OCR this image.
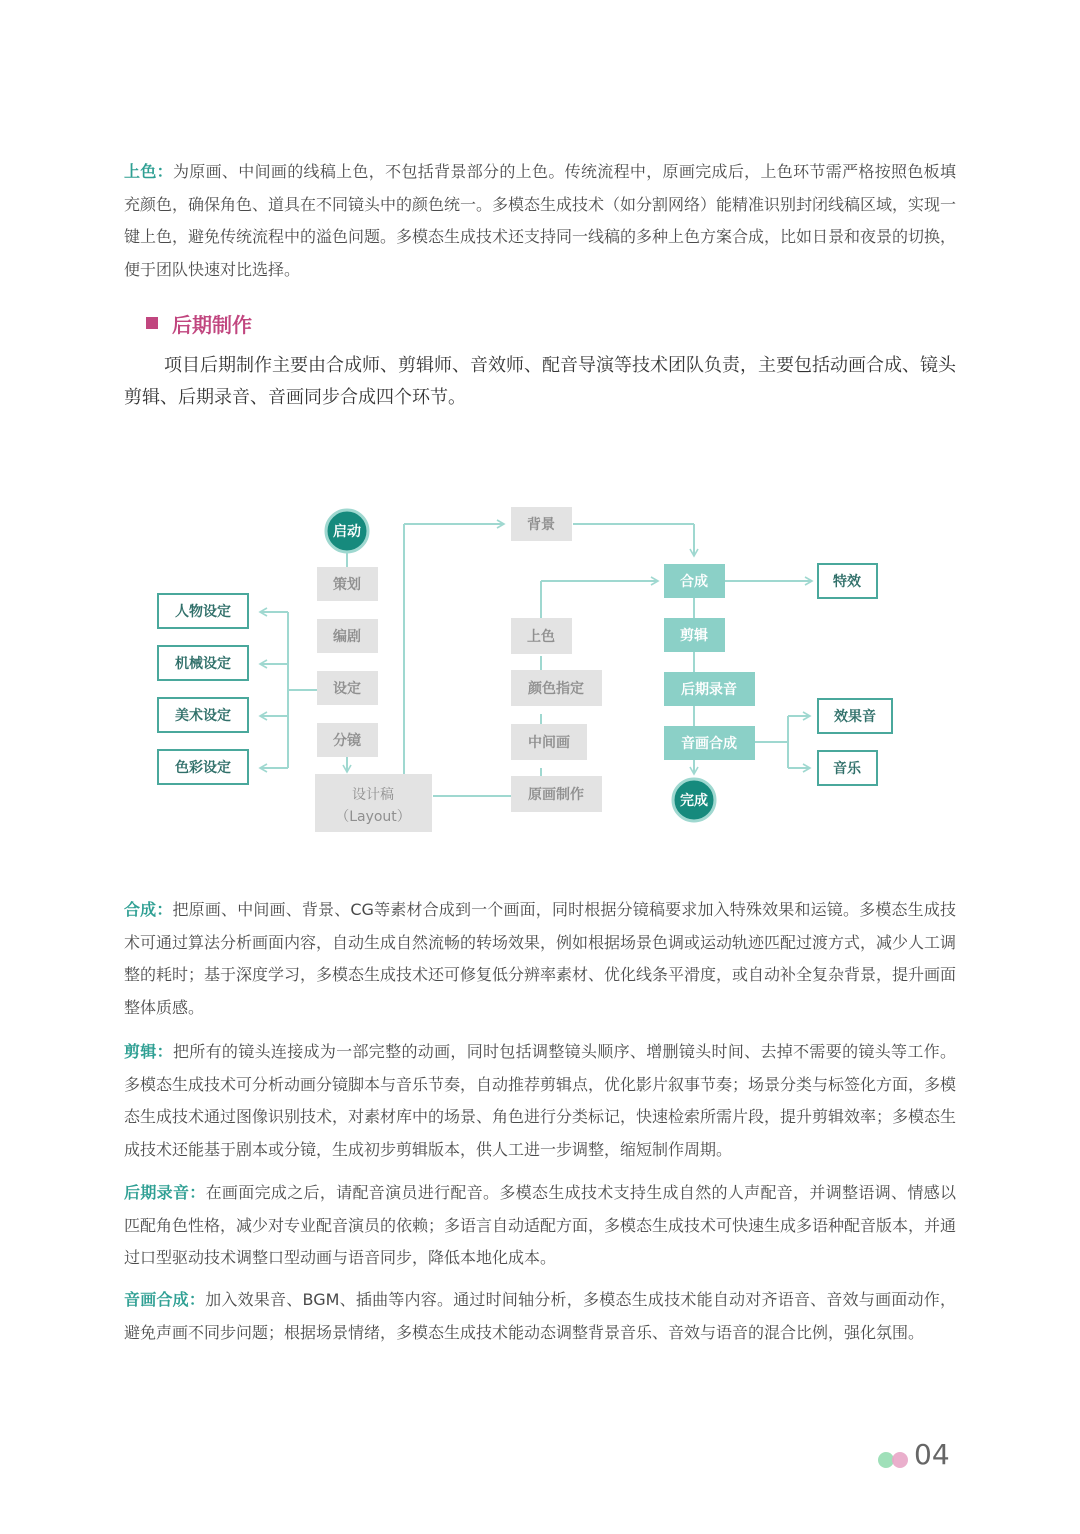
上色：为原画、中间画的线稿上色，不包括背景部分的上色。传统流程中，原画完成后，上色环节需严格按照色板填充颜色，确保角色、道具在不同镜头中的颜色统一。多模态生成技术（如分割网络）能精准识别封闭线稿区域，实现一键上色，避免传统流程中的溢色问题。多模态生成技术还支持同一线稿的多种上色方案合成，比如日景和夜景的切换，便于团队快速对比选择。

后期制作

项目后期制作主要由合成师、剪辑师、音效师、配音导演等技术团队负责，主要包括动画合成、镜头剪辑、后期录音、音画同步合成四个环节。

启动
完成
策划
编剧
设定
分镜
设计稿
（Layout）
人物设定
机械设定
美术设定
色彩设定
背景
上色
颜色指定
中间画
原画制作
合成
剪辑
后期录音
音画合成
特效
效果音
音乐

合成：把原画、中间画、背景、CG等素材合成到一个画面，同时根据分镜稿要求加入特殊效果和运镜。多模态生成技术可通过算法分析画面内容，自动生成自然流畅的转场效果，例如根据场景色调或运动轨迹匹配过渡方式，减少人工调整的耗时；基于深度学习，多模态生成技术还可修复低分辨率素材、优化线条平滑度，或自动补全复杂背景，提升画面整体质感。

剪辑：把所有的镜头连接成为一部完整的动画，同时包括调整镜头顺序、增删镜头时间、去掉不需要的镜头等工作。多模态生成技术可分析动画分镜脚本与音乐节奏，自动推荐剪辑点，优化影片叙事节奏；场景分类与标签化方面，多模态生成技术通过图像识别技术，对素材库中的场景、角色进行分类标记，快速检索所需片段，提升剪辑效率；多模态生成技术还能基于剧本或分镜，生成初步剪辑版本，供人工进一步调整，缩短制作周期。

后期录音：在画面完成之后，请配音演员进行配音。多模态生成技术支持生成自然的人声配音，并调整语调、情感以匹配角色性格，减少对专业配音演员的依赖；多语言自动适配方面，多模态生成技术可快速生成多语种配音版本，并通过口型驱动技术调整口型动画与语音同步，降低本地化成本。

音画合成：加入效果音、BGM、插曲等内容。通过时间轴分析，多模态生成技术能自动对齐语音、音效与画面动作，避免声画不同步问题；根据场景情绪，多模态生成技术能动态调整背景音乐、音效与语音的混合比例，强化氛围。

04
